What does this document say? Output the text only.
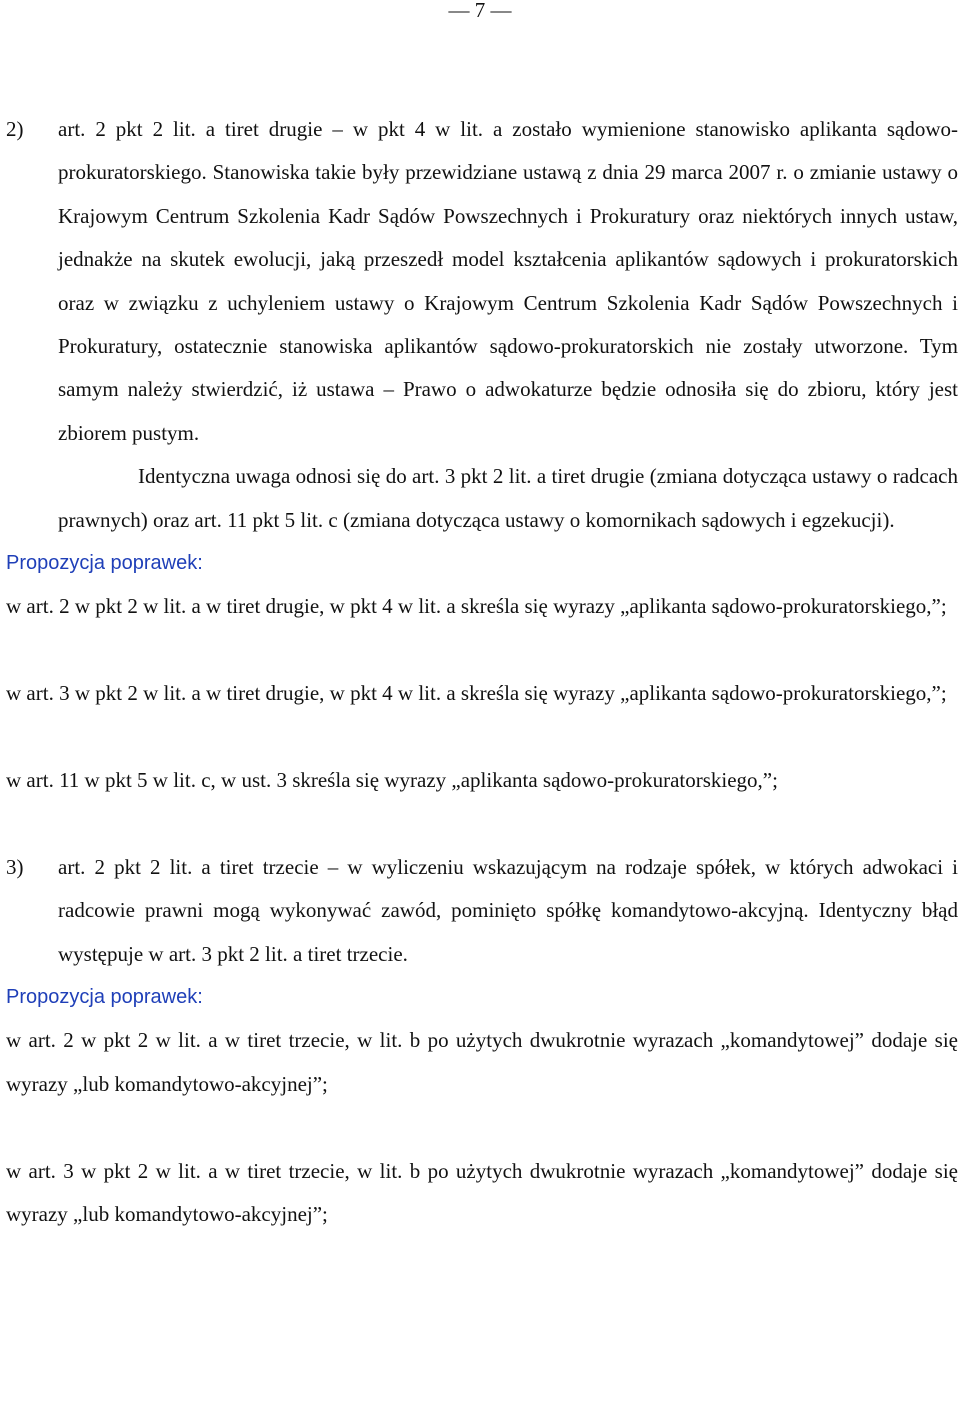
— 7 —
2)	art. 2 pkt 2 lit. a tiret drugie – w pkt 4 w lit. a zostało wymienione stanowisko aplikanta sądowo-prokuratorskiego. Stanowiska takie były przewidziane ustawą z dnia 29 marca 2007 r. o zmianie ustawy o Krajowym Centrum Szkolenia Kadr Sądów Powszechnych i Prokuratury oraz niektórych innych ustaw, jednakże na skutek ewolucji, jaką przeszedł model kształcenia aplikantów sądowych i prokuratorskich oraz w związku z uchyleniem ustawy o Krajowym Centrum Szkolenia Kadr Sądów Powszechnych i Prokuratury, ostatecznie stanowiska aplikantów sądowo-prokuratorskich nie zostały utworzone. Tym samym należy stwierdzić, iż ustawa – Prawo o adwokaturze będzie odnosiła się do zbioru, który jest zbiorem pustym.

Identyczna uwaga odnosi się do art. 3 pkt 2 lit. a tiret drugie (zmiana dotycząca ustawy o radcach prawnych) oraz art. 11 pkt 5 lit. c (zmiana dotycząca ustawy o komornikach sądowych i egzekucji).

Propozycja poprawek:

w art. 2 w pkt 2 w lit. a w tiret drugie, w pkt 4 w lit. a skreśla się wyrazy „aplikanta sądowo-prokuratorskiego,”;

w art. 3 w pkt 2 w lit. a w tiret drugie, w pkt 4 w lit. a skreśla się wyrazy „aplikanta sądowo-prokuratorskiego,”;

w art. 11 w pkt 5 w lit. c, w ust. 3 skreśla się wyrazy „aplikanta sądowo-prokuratorskiego,”;

3)	art. 2 pkt 2 lit. a tiret trzecie – w wyliczeniu wskazującym na rodzaje spółek, w których adwokaci i radcowie prawni mogą wykonywać zawód, pominięto spółkę komandytowo-akcyjną. Identyczny błąd występuje w art. 3 pkt 2 lit. a tiret trzecie.

Propozycja poprawek:

w art. 2 w pkt 2 w lit. a w tiret trzecie, w lit. b po użytych dwukrotnie wyrazach „komandytowej” dodaje się wyrazy „lub komandytowo-akcyjnej”;

w art. 3 w pkt 2 w lit. a w tiret trzecie, w lit. b po użytych dwukrotnie wyrazach „komandytowej” dodaje się wyrazy „lub komandytowo-akcyjnej”;
